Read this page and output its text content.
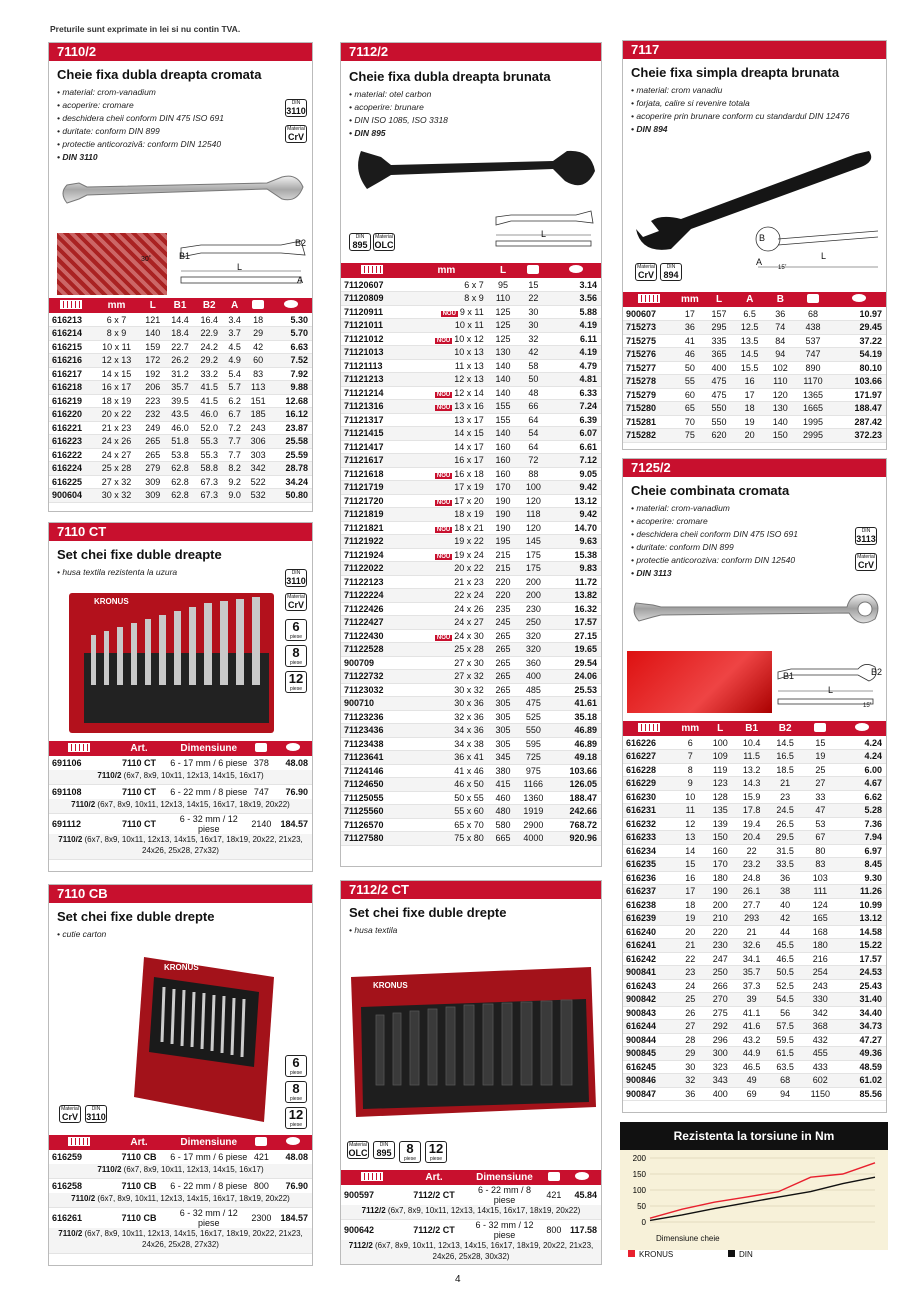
Preturile sunt exprimate in lei si nu contin TVA.
7110/2
Cheie fixa dubla dreapta cromata
• material: crom-vanadium
• acoperire: cromare
• deschidera cheii conform DIN 475 ISO 691
• duritate: conform DIN 899
• protectie anticorozivă: conform DIN 12540
• DIN 3110
DIN
3110
Material
CrV
30˚	B1
B2
L
A
	mm	L	B1	B2	A		
616213	6 x 7	121	14.4	16.4	3.4	18	5.30
616214	8 x 9	140	18.4	22.9	3.7	29	5.70
616215	10 x 11	159	22.7	24.2	4.5	42	6.63
616216	12 x 13	172	26.2	29.2	4.9	60	7.52
616217	14 x 15	192	31.2	33.2	5.4	83	7.92
616218	16 x 17	206	35.7	41.5	5.7	113	9.88
616219	18 x 19	223	39.5	41.5	6.2	151	12.68
616220	20 x 22	232	43.5	46.0	6.7	185	16.12
616221	21 x 23	249	46.0	52.0	7.2	243	23.87
616223	24 x 26	265	51.8	55.3	7.7	306	25.58
616222	24 x 27	265	53.8	55.3	7.7	303	25.59
616224	25 x 28	279	62.8	58.8	8.2	342	28.78
616225	27 x 32	309	62.8	67.3	9.2	522	34.24
900604	30 x 32	309	62.8	67.3	9.0	532	50.80
7110 CT
Set chei fixe duble dreapte
• husa textila rezistenta la uzura	DIN
3110
Material
CrV
6
piese
8
piese
12
piese
KRONUS
	Art.	Dimensiune		
691106	7110 CT	6 - 17 mm / 6 piese	378	48.08
7110/2 (6x7, 8x9, 10x11, 12x13, 14x15, 16x17)				
691108	7110 CT	6 - 22 mm / 8 piese	747	76.90
7110/2 (6x7, 8x9, 10x11, 12x13, 14x15, 16x17, 18x19, 20x22)				
691112	7110 CT	6 - 32 mm / 12 piese	2140	184.57
7110/2 (6x7, 8x9, 10x11, 12x13, 14x15, 16x17, 18x19, 20x22, 21x23, 24x26, 25x28, 27x32)				
7110 CB
Set chei fixe duble drepte
• cutie carton
KRONUS
Material
CrV
DIN
3110
6
piese
8
piese
12
piese
	Art.	Dimensiune		
616259	7110 CB	6 - 17 mm / 6 piese	421	48.08
7110/2 (6x7, 8x9, 10x11, 12x13, 14x15, 16x17)				
616258	7110 CB	6 - 22 mm / 8 piese	800	76.90
7110/2 (6x7, 8x9, 10x11, 12x13, 14x15, 16x17, 18x19, 20x22)				
616261	7110 CB	6 - 32 mm / 12 piese	2300	184.57
7110/2 (6x7, 8x9, 10x11, 12x13, 14x15, 16x17, 18x19, 20x22, 21x23, 24x26, 25x28, 27x32)				
7112/2
Cheie fixa dubla dreapta brunata
• material: otel carbon
• acoperire: brunare
• DIN ISO 1085, ISO 3318
• DIN 895
L
DIN
895
Material
OLC
	mm	L		
71120607	6 x 7	95	15	3.14
71120809	8 x 9	110	22	3.56
71120911	NOU 9 x 11	125	30	5.88
71121011	10 x 11	125	30	4.19
71121012	NOU 10 x 12	125	32	6.11
71121013	10 x 13	130	42	4.19
71121113	11 x 13	140	58	4.79
71121213	12 x 13	140	50	4.81
71121214	NOU 12 x 14	140	48	6.33
71121316	NOU 13 x 16	155	66	7.24
71121317	13 x 17	155	64	6.39
71121415	14 x 15	140	54	6.07
71121417	14 x 17	160	64	6.61
71121617	16 x 17	160	72	7.12
71121618	NOU 16 x 18	160	88	9.05
71121719	17 x 19	170	100	9.42
71121720	NOU 17 x 20	190	120	13.12
71121819	18 x 19	190	118	9.42
71121821	NOU 18 x 21	190	120	14.70
71121922	19 x 22	195	145	9.63
71121924	NOU 19 x 24	215	175	15.38
71122022	20 x 22	215	175	9.83
71122123	21 x 23	220	200	11.72
71122224	22 x 24	220	200	13.82
71122426	24 x 26	235	230	16.32
71122427	24 x 27	245	250	17.57
71122430	NOU 24 x 30	265	320	27.15
71122528	25 x 28	265	320	19.65
900709	27 x 30	265	360	29.54
71122732	27 x 32	265	400	24.06
71123032	30 x 32	265	485	25.53
900710	30 x 36	305	475	41.61
71123236	32 x 36	305	525	35.18
71123436	34 x 36	305	550	46.89
71123438	34 x 38	305	595	46.89
71123641	36 x 41	345	725	49.18
71124146	41 x 46	380	975	103.66
71124650	46 x 50	415	1166	126.05
71125055	50 x 55	460	1360	188.47
71125560	55 x 60	480	1919	242.66
71126570	65 x 70	580	2900	768.72
71127580	75 x 80	665	4000	920.96
7112/2 CT
Set chei fixe duble drepte
• husa textila
KRONUS
Material
OLC
DIN
895	8
piese
12
piese
	Art.	Dimensiune		
900597	7112/2 CT	6 - 22 mm / 8 piese	421	45.84
7112/2 (6x7, 8x9, 10x11, 12x13, 14x15, 16x17, 18x19, 20x22)				
900642	7112/2 CT	6 - 32 mm / 12 piese	800	117.58
7112/2 (6x7, 8x9, 10x11, 12x13, 14x15, 16x17, 18x19, 20x22, 21x23, 24x26, 25x28, 30x32)				
7117
Cheie fixa simpla dreapta brunata
• material: crom vanadiu
• forjata, calire si revenire totala
• acoperire prin brunare conform cu standardul DIN 12476
• DIN 894
B
A
L
15˚
Material
CrV
DIN
894
	mm	L	A	B		
900607	17	157	6.5	36	68	10.97
715273	36	295	12.5	74	438	29.45
715275	41	335	13.5	84	537	37.22
715276	46	365	14.5	94	747	54.19
715277	50	400	15.5	102	890	80.10
715278	55	475	16	110	1170	103.66
715279	60	475	17	120	1365	171.97
715280	65	550	18	130	1665	188.47
715281	70	550	19	140	1995	287.42
715282	75	620	20	150	2995	372.23
7125/2
Cheie combinata cromata
• material: crom-vanadium
• acoperire: cromare
• deschidera cheii conform DIN 475 ISO 691
• duritate: conform DIN 899
• protectie anticoroziva: conform DIN 12540
• DIN 3113
DIN
3113
Material
CrV
B1	B2
L
15˚
	mm	L	B1	B2		
616226	6	100	10.4	14.5	15	4.24
616227	7	109	11.5	16.5	19	4.24
616228	8	119	13.2	18.5	25	6.00
616229	9	123	14.3	21	27	4.67
616230	10	128	15.9	23	33	6.62
616231	11	135	17.8	24.5	47	5.28
616232	12	139	19.4	26.5	53	7.36
616233	13	150	20.4	29.5	67	7.94
616234	14	160	22	31.5	80	6.97
616235	15	170	23.2	33.5	83	8.45
616236	16	180	24.8	36	103	9.30
616237	17	190	26.1	38	111	11.26
616238	18	200	27.7	40	124	10.99
616239	19	210	293	42	165	13.12
616240	20	220	21	44	168	14.58
616241	21	230	32.6	45.5	180	15.22
616242	22	247	34.1	46.5	216	17.57
900841	23	250	35.7	50.5	254	24.53
616243	24	266	37.3	52.5	243	25.43
900842	25	270	39	54.5	330	31.40
900843	26	275	41.1	56	342	34.40
616244	27	292	41.6	57.5	368	34.73
900844	28	296	43.2	59.5	432	47.27
900845	29	300	44.9	61.5	455	49.36
616245	30	323	46.5	63.5	433	48.59
900846	32	343	49	68	602	61.02
900847	36	400	69	94	1150	85.56
Rezistenta la torsiune in Nm
0
50
100
150
200
Dimensiune cheie
KRONUS	DIN
4
